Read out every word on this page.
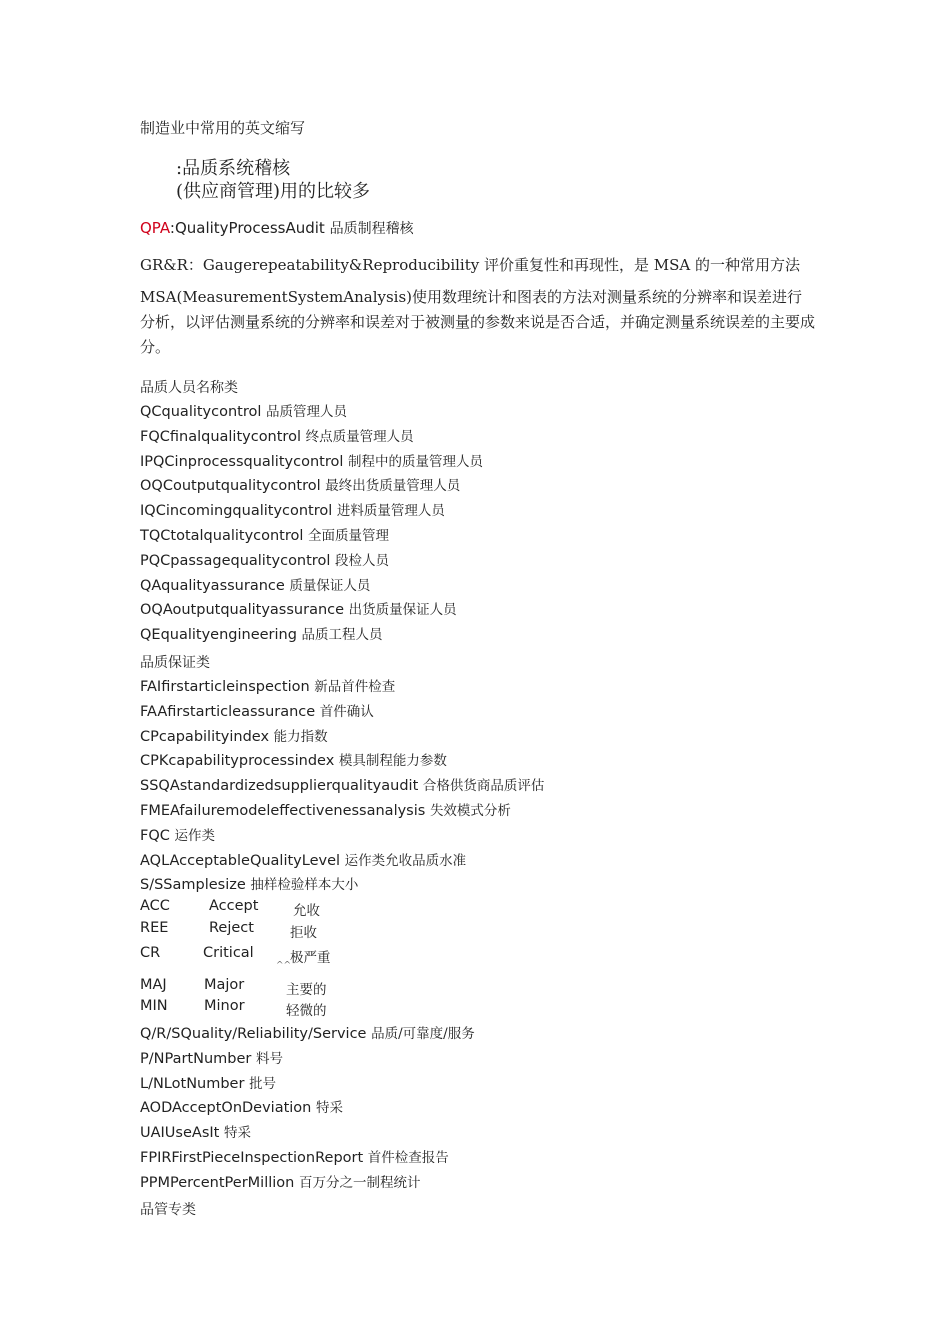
制造业中常用的英文缩写
:品质系统稽核
(供应商管理)用的比较多
QPA:QualityProcessAudit 品质制程稽核
GR&R：Gaugerepeatability&Reproducibility 评价重复性和再现性，是 MSA 的一种常用方法
MSA(MeasurementSystemAnalysis)使用数理统计和图表的方法对测量系统的分辨率和误差进行分析，以评估测量系统的分辨率和误差对于被测量的参数来说是否合适，并确定测量系统误差的主要成分。
品质人员名称类
QCqualitycontrol 品质管理人员
FQCfinalqualitycontrol 终点质量管理人员
IPQCinprocessqualitycontrol 制程中的质量管理人员
OQCoutputqualitycontrol 最终出货质量管理人员
IQCincomingqualitycontrol 进料质量管理人员
TQCtotalqualitycontrol 全面质量管理
PQCpassagequalitycontrol 段检人员
QAqualityassurance 质量保证人员
OQAoutputqualityassurance 出货质量保证人员
QEqualityengineering 品质工程人员
品质保证类
FAIfirstarticleinspection 新品首件检查
FAAfirstarticleassurance 首件确认
CPcapabilityindex 能力指数
CPKcapabilityprocessindex 模具制程能力参数
SSQAstandardizedsupplierqualityaudit 合格供货商品质评估
FMEAfailuremodeleffectivenessanalysis 失效模式分析
FQC 运作类
AQLAcceptableQualityLevel 运作类允收品质水准
S/SSamplesize 抽样检验样本大小
ACC	Accept	允收
REE	Reject	拒收
CR	Critical	极严重
MAJ	Major	主要的
MIN	Minor	轻微的
^^
Q/R/SQuality/Reliability/Service 品质/可靠度/服务
P/NPartNumber 料号
L/NLotNumber 批号
AODAcceptOnDeviation 特采
UAIUseAsIt 特采
FPIRFirstPieceInspectionReport 首件检查报告
PPMPercentPerMillion 百万分之一制程统计
品管专类
